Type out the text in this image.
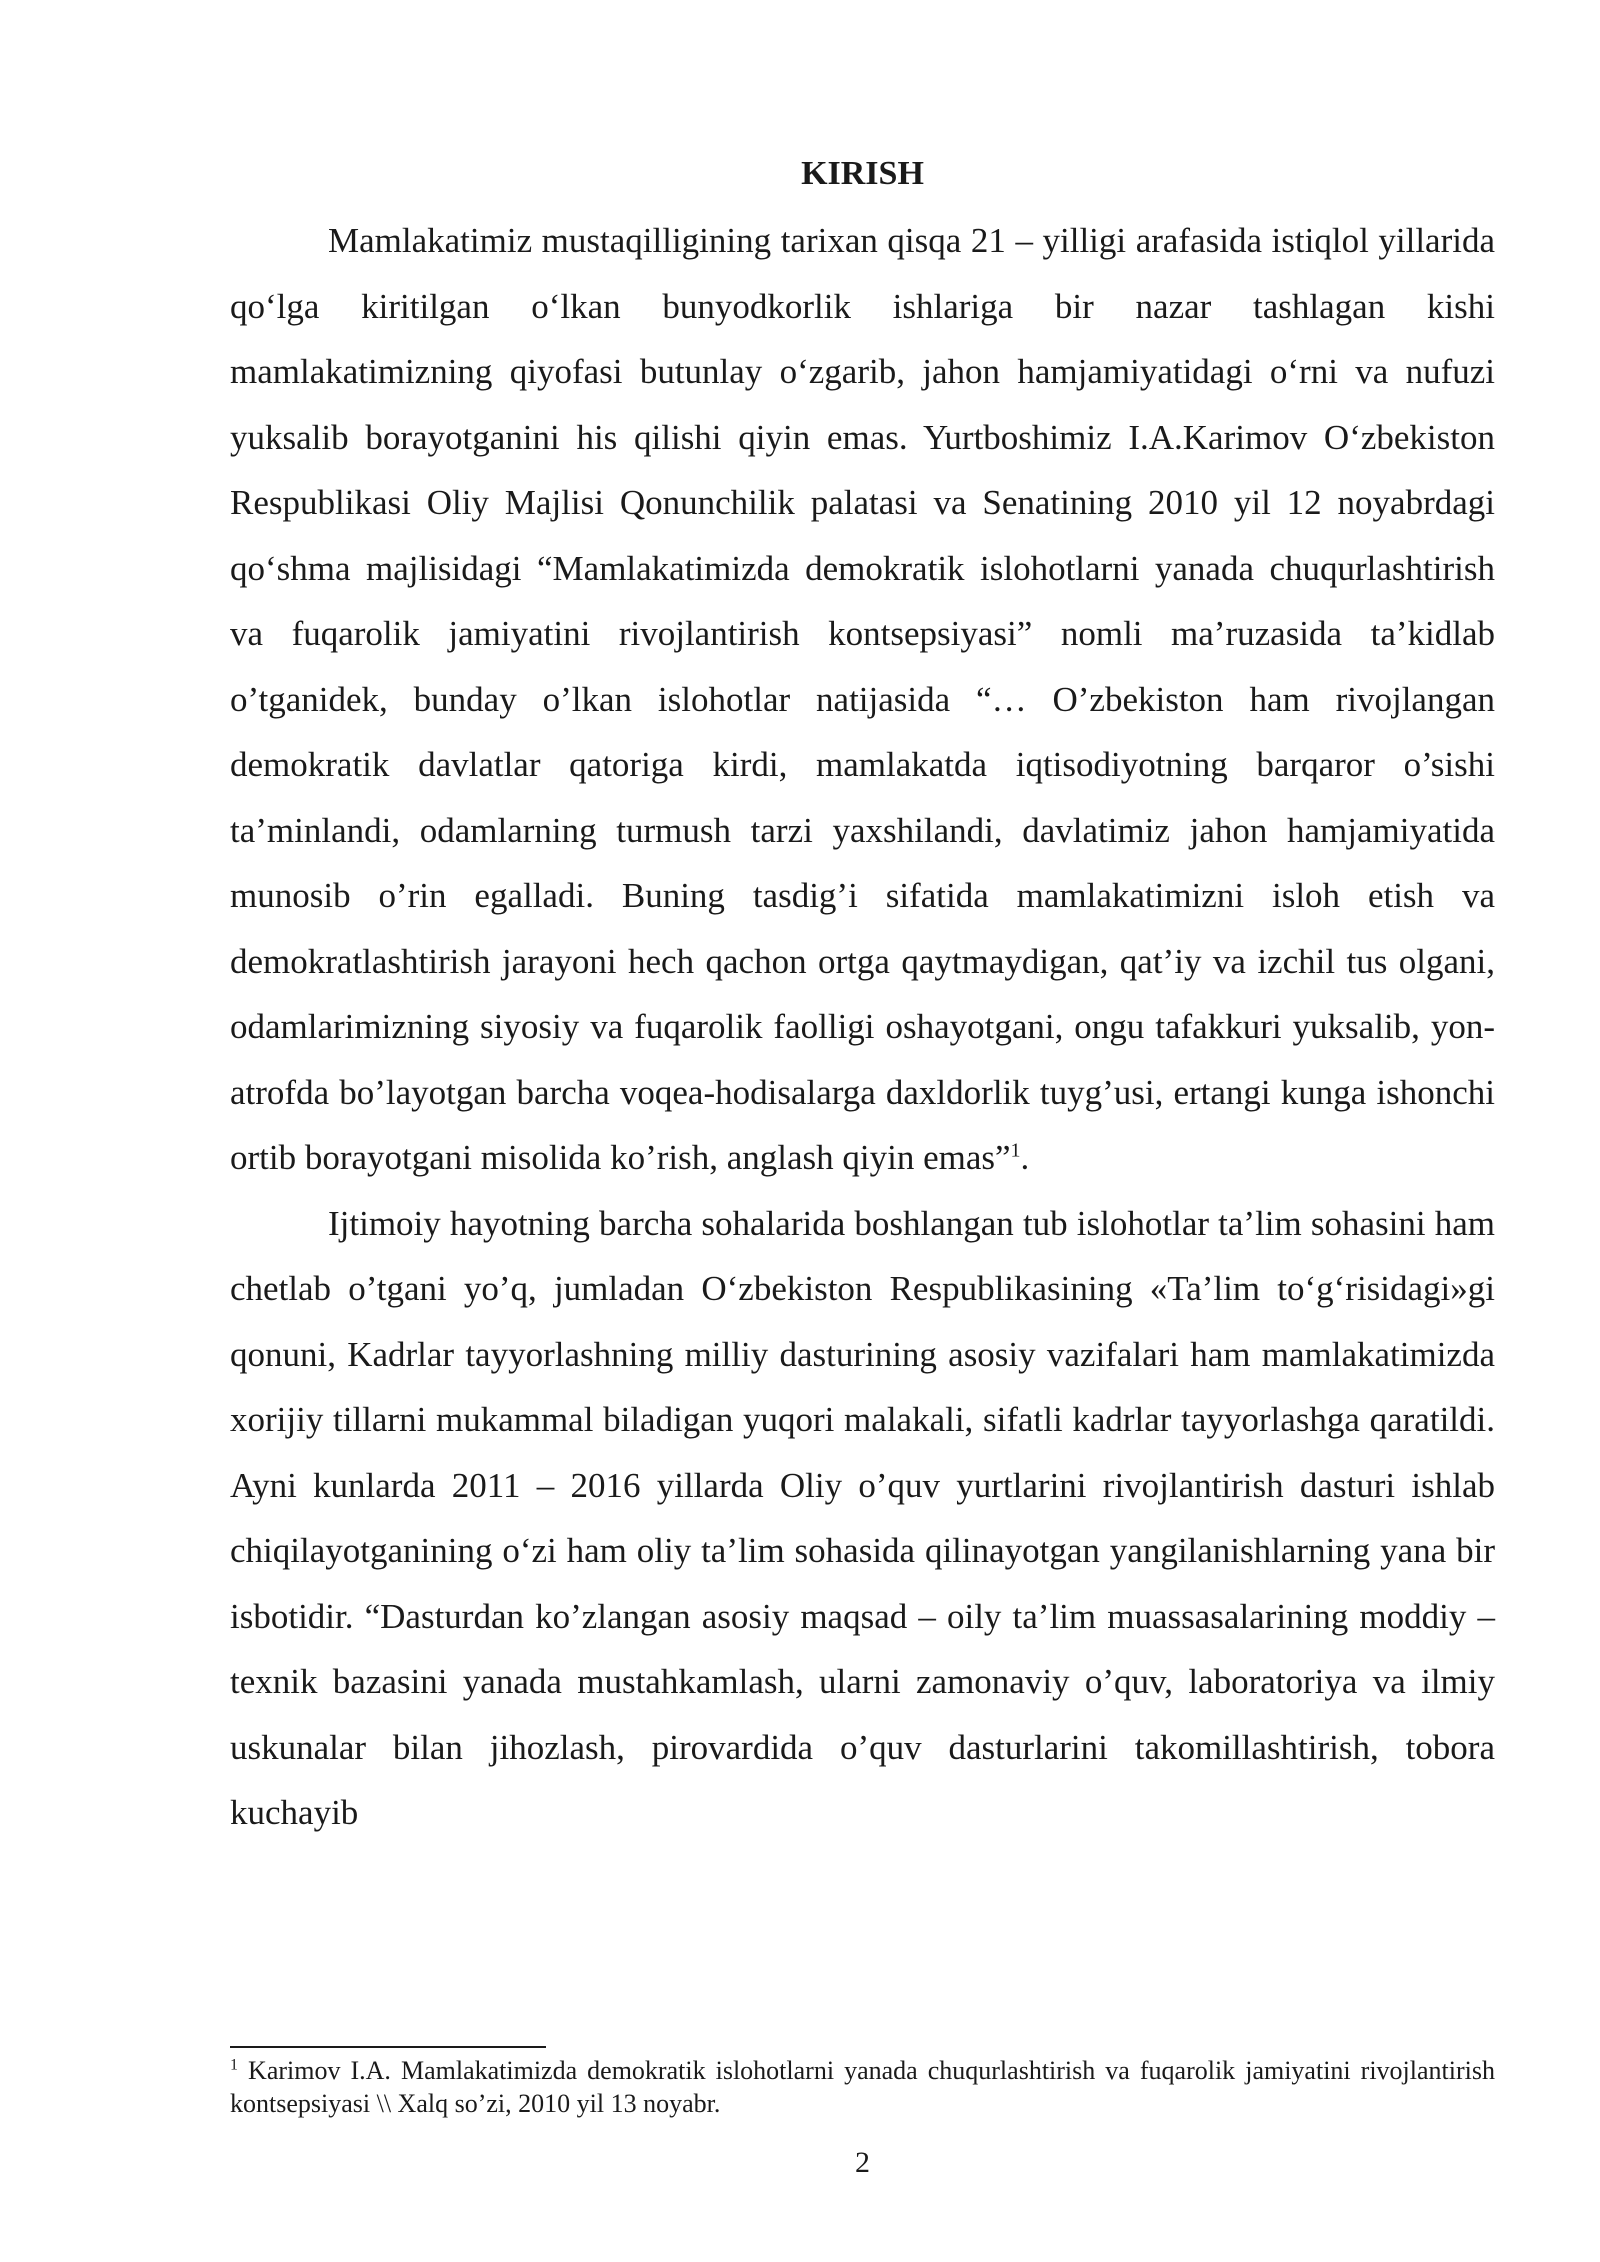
KIRISH

Mamlakatimiz mustaqilligining tarixan qisqa 21 – yilligi arafasida istiqlol yillarida qo‘lga kiritilgan o‘lkan bunyodkorlik ishlariga bir nazar tashlagan kishi mamlakatimizning qiyofasi butunlay o‘zgarib, jahon hamjamiyatidagi o‘rni va nufuzi yuksalib borayotganini his qilishi qiyin emas. Yurtboshimiz I.A.Karimov O‘zbekiston Respublikasi Oliy Majlisi Qonunchilik palatasi va Senatining 2010 yil 12 noyabrdagi qo‘shma majlisidagi “Mamlakatimizda demokratik islohotlarni yanada chuqurlashtirish va fuqarolik jamiyatini rivojlantirish kontsepsiyasi” nomli ma’ruzasida ta’kidlab o’tganidek, bunday o’lkan islohotlar natijasida “… O’zbekiston ham rivojlangan demokratik davlatlar qatoriga kirdi, mamlakatda iqtisodiyotning barqaror o’sishi ta’minlandi, odamlarning turmush tarzi yaxshilandi, davlatimiz jahon hamjamiyatida munosib o’rin egalladi. Buning tasdig’i sifatida mamlakatimizni isloh etish va demokratlashtirish jarayoni hech qachon ortga qaytmaydigan, qat’iy va izchil tus olgani, odamlarimizning siyosiy va fuqarolik faolligi oshayotgani, ongu tafakkuri yuksalib, yon-atrofda bo’layotgan barcha voqea-hodisalarga daxldorlik tuyg’usi, ertangi kunga ishonchi ortib borayotgani misolida ko’rish, anglash qiyin emas”$^1$.

Ijtimoiy hayotning barcha sohalarida boshlangan tub islohotlar ta’lim sohasini ham chetlab o’tgani yo’q, jumladan O‘zbekiston Respublikasining «Ta’lim to‘g‘risidagi»gi qonuni, Kadrlar tayyorlashning milliy dasturining asosiy vazifalari ham mamlakatimizda xorijiy tillarni mukammal biladigan yuqori malakali, sifatli kadrlar tayyorlashga qaratildi. Ayni kunlarda 2011 – 2016 yillarda Oliy o’quv yurtlarini rivojlantirish dasturi ishlab chiqilayotganining o‘zi ham oliy ta’lim sohasida qilinayotgan yangilanishlarning yana bir isbotidir. “Dasturdan ko’zlangan asosiy maqsad – oily ta’lim muassasalarining moddiy – texnik bazasini yanada mustahkamlash, ularni zamonaviy o’quv, laboratoriya va ilmiy uskunalar bilan jihozlash, pirovardida o’quv dasturlarini takomillashtirish, tobora kuchayib

$^1$ Karimov I.A. Mamlakatimizda demokratik islohotlarni yanada chuqurlashtirish va fuqarolik jamiyatini rivojlantirish kontsepsiyasi \\ Xalq so’zi, 2010 yil 13 noyabr.

2
